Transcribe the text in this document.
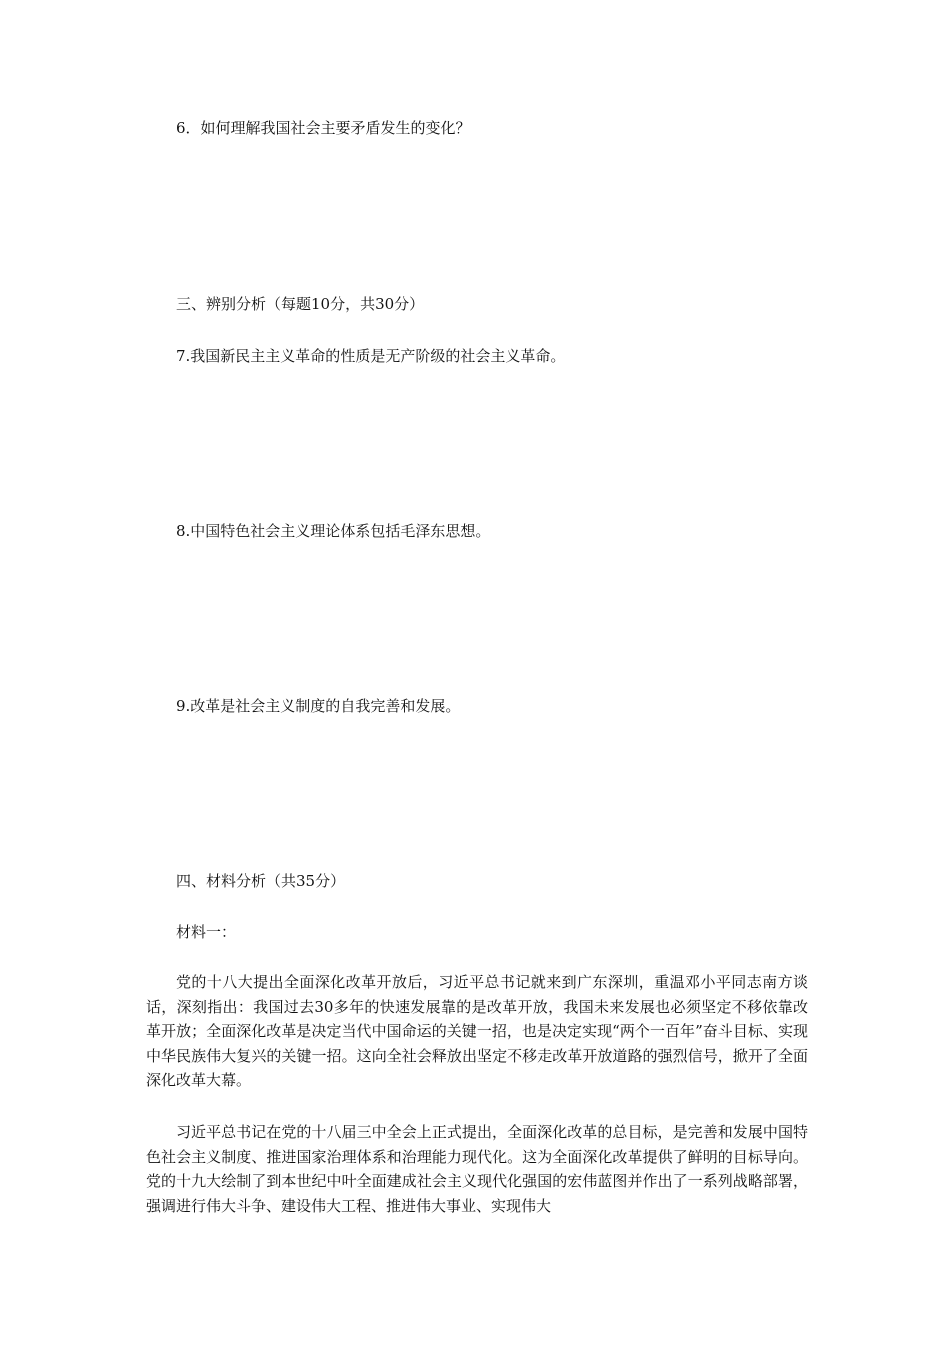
6．如何理解我国社会主要矛盾发生的变化？

三、辨别分析（每题10分，共30分）

7.我国新民主主义革命的性质是无产阶级的社会主义革命。

8.中国特色社会主义理论体系包括毛泽东思想。

9.改革是社会主义制度的自我完善和发展。

四、材料分析（共35分）

材料一：

党的十八大提出全面深化改革开放后，习近平总书记就来到广东深圳，重温邓小平同志南方谈话，深刻指出：我国过去30多年的快速发展靠的是改革开放，我国未来发展也必须坚定不移依靠改革开放；全面深化改革是决定当代中国命运的关键一招，也是决定实现“两个一百年”奋斗目标、实现中华民族伟大复兴的关键一招。这向全社会释放出坚定不移走改革开放道路的强烈信号，掀开了全面深化改革大幕。

习近平总书记在党的十八届三中全会上正式提出，全面深化改革的总目标，是完善和发展中国特色社会主义制度、推进国家治理体系和治理能力现代化。这为全面深化改革提供了鲜明的目标导向。党的十九大绘制了到本世纪中叶全面建成社会主义现代化强国的宏伟蓝图并作出了一系列战略部署，强调进行伟大斗争、建设伟大工程、推进伟大事业、实现伟大
